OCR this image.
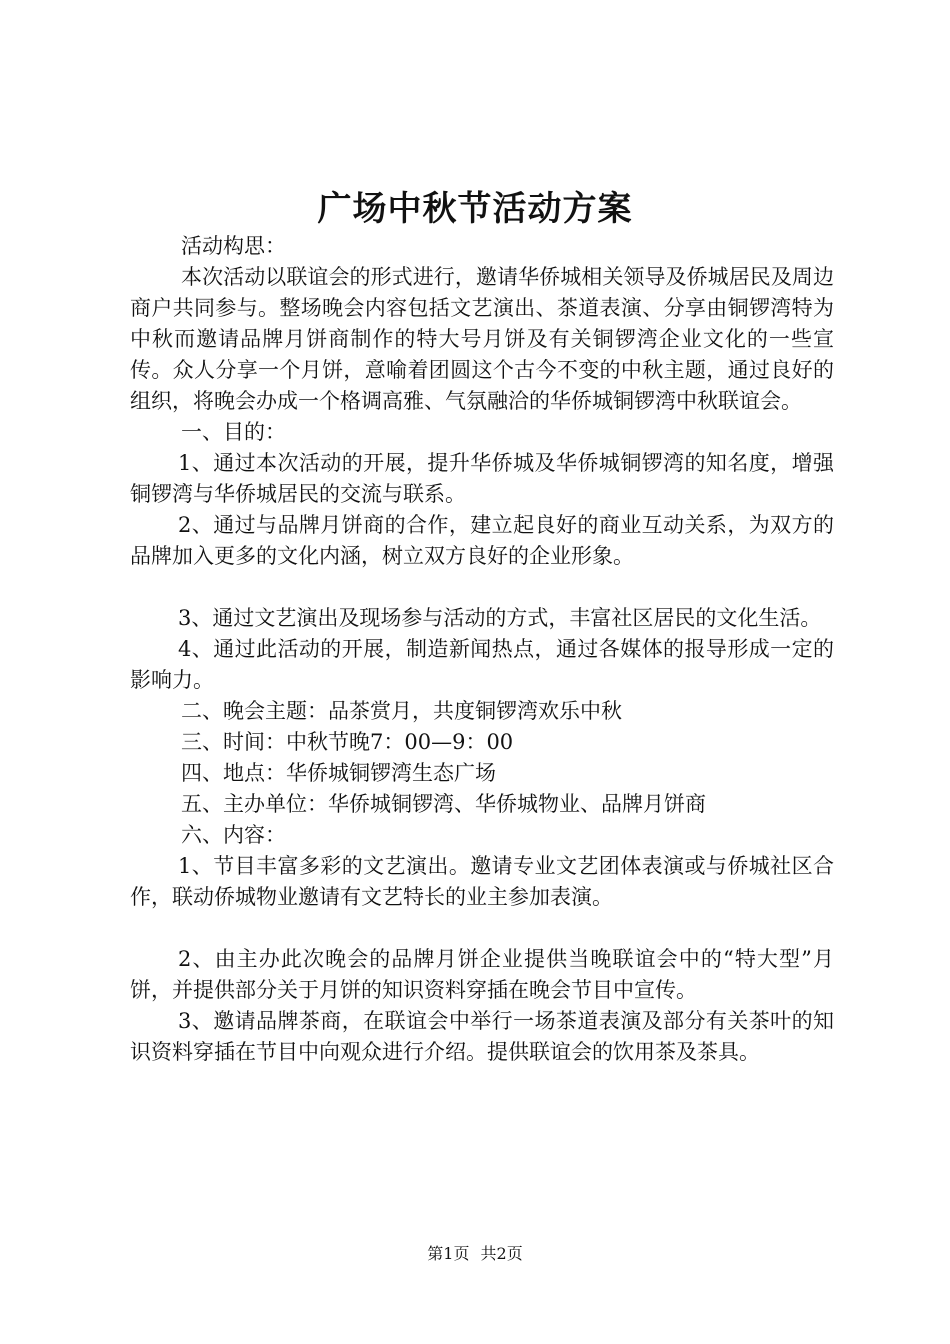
广场中秋节活动方案

活动构思：

本次活动以联谊会的形式进行，邀请华侨城相关领导及侨城居民及周边商户共同参与。整场晚会内容包括文艺演出、茶道表演、分享由铜锣湾特为中秋而邀请品牌月饼商制作的特大号月饼及有关铜锣湾企业文化的一些宣传。众人分享一个月饼，意喻着团圆这个古今不变的中秋主题，通过良好的组织，将晚会办成一个格调高雅、气氛融洽的华侨城铜锣湾中秋联谊会。

一、目的：

1、通过本次活动的开展，提升华侨城及华侨城铜锣湾的知名度，增强铜锣湾与华侨城居民的交流与联系。

2、通过与品牌月饼商的合作，建立起良好的商业互动关系，为双方的品牌加入更多的文化内涵，树立双方良好的企业形象。

3、通过文艺演出及现场参与活动的方式，丰富社区居民的文化生活。

4、通过此活动的开展，制造新闻热点，通过各媒体的报导形成一定的影响力。

二、晚会主题：品茶赏月，共度铜锣湾欢乐中秋

三、时间：中秋节晚7：00—9：00

四、地点：华侨城铜锣湾生态广场

五、主办单位：华侨城铜锣湾、华侨城物业、品牌月饼商

六、内容：

1、节目丰富多彩的文艺演出。邀请专业文艺团体表演或与侨城社区合作，联动侨城物业邀请有文艺特长的业主参加表演。

2、由主办此次晚会的品牌月饼企业提供当晚联谊会中的“特大型”月饼，并提供部分关于月饼的知识资料穿插在晚会节目中宣传。

3、邀请品牌茶商，在联谊会中举行一场茶道表演及部分有关茶叶的知识资料穿插在节目中向观众进行介绍。提供联谊会的饮用茶及茶具。

第1页 共2页
